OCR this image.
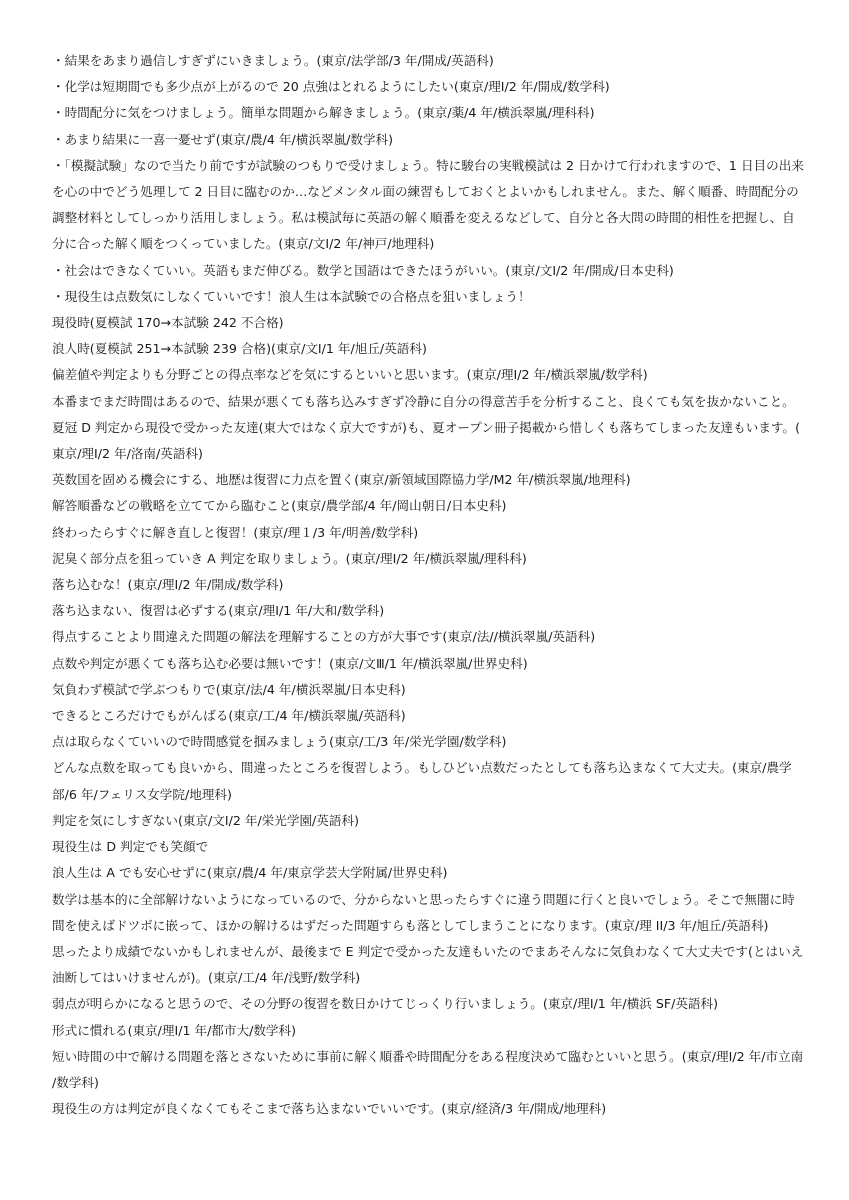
・結果をあまり過信しすぎずにいきましょう。(東京/法学部/3 年/開成/英語科)

・化学は短期間でも多少点が上がるので 20 点強はとれるようにしたい(東京/理Ⅰ/2 年/開成/数学科)

・時間配分に気をつけましょう。簡単な問題から解きましょう。(東京/薬/4 年/横浜翠嵐/理科科)

・あまり結果に一喜一憂せず(東京/農/4 年/横浜翠嵐/数学科)

・「模擬試験」なので当たり前ですが試験のつもりで受けましょう。特に駿台の実戦模試は 2 日かけて行われますので、1 日目の出来を心の中でどう処理して 2 日目に臨むのか…などメンタル面の練習もしておくとよいかもしれません。また、解く順番、時間配分の調整材料としてしっかり活用しましょう。私は模試毎に英語の解く順番を変えるなどして、自分と各大問の時間的相性を把握し、自分に合った解く順をつくっていました。(東京/文Ⅰ/2 年/神戸/地理科)

・社会はできなくていい。英語もまだ伸びる。数学と国語はできたほうがいい。(東京/文Ⅰ/2 年/開成/日本史科)

・現役生は点数気にしなくていいです！浪人生は本試験での合格点を狙いましょう！

現役時(夏模試 170→本試験 242 不合格)

浪人時(夏模試 251→本試験 239 合格)(東京/文Ⅰ/1 年/旭丘/英語科)

偏差値や判定よりも分野ごとの得点率などを気にするといいと思います。(東京/理Ⅰ/2 年/横浜翠嵐/数学科)

本番までまだ時間はあるので、結果が悪くても落ち込みすぎず冷静に自分の得意苦手を分析すること、良くても気を抜かないこと。夏冠 D 判定から現役で受かった友達(東大ではなく京大ですが)も、夏オープン冊子掲載から惜しくも落ちてしまった友達もいます。(東京/理Ⅰ/2 年/洛南/英語科)

英数国を固める機会にする、地歴は復習に力点を置く(東京/新領域国際協力学/M2 年/横浜翠嵐/地理科)

解答順番などの戦略を立ててから臨むこと(東京/農学部/4 年/岡山朝日/日本史科)

終わったらすぐに解き直しと復習！(東京/理１/3 年/明善/数学科)

泥臭く部分点を狙っていき A 判定を取りましょう。(東京/理Ⅰ/2 年/横浜翠嵐/理科科)

落ち込むな！(東京/理Ⅰ/2 年/開成/数学科)

落ち込まない、復習は必ずする(東京/理Ⅰ/1 年/大和/数学科)

得点することより間違えた問題の解法を理解することの方が大事です(東京/法//横浜翠嵐/英語科)

点数や判定が悪くても落ち込む必要は無いです！(東京/文Ⅲ/1 年/横浜翠嵐/世界史科)

気負わず模試で学ぶつもりで(東京/法/4 年/横浜翠嵐/日本史科)

できるところだけでもがんばる(東京/工/4 年/横浜翠嵐/英語科)

点は取らなくていいので時間感覚を掴みましょう(東京/工/3 年/栄光学園/数学科)

どんな点数を取っても良いから、間違ったところを復習しよう。もしひどい点数だったとしても落ち込まなくて大丈夫。(東京/農学部/6 年/フェリス女学院/地理科)

判定を気にしすぎない(東京/文Ⅰ/2 年/栄光学園/英語科)

現役生は D 判定でも笑顔で

浪人生は A でも安心せずに(東京/農/4 年/東京学芸大学附属/世界史科)

数学は基本的に全部解けないようになっているので、分からないと思ったらすぐに違う問題に行くと良いでしょう。そこで無闇に時間を使えばドツボに嵌って、ほかの解けるはずだった問題すらも落としてしまうことになります。(東京/理 II/3 年/旭丘/英語科)

思ったより成績でないかもしれませんが、最後まで E 判定で受かった友達もいたのでまあそんなに気負わなくて大丈夫です(とはいえ油断してはいけませんが)。(東京/工/4 年/浅野/数学科)

弱点が明らかになると思うので、その分野の復習を数日かけてじっくり行いましょう。(東京/理Ⅰ/1 年/横浜 SF/英語科)

形式に慣れる(東京/理Ⅰ/1 年/都市大/数学科)

短い時間の中で解ける問題を落とさないために事前に解く順番や時間配分をある程度決めて臨むといいと思う。(東京/理Ⅰ/2 年/市立南/数学科)

現役生の方は判定が良くなくてもそこまで落ち込まないでいいです。(東京/経済/3 年/開成/地理科)
